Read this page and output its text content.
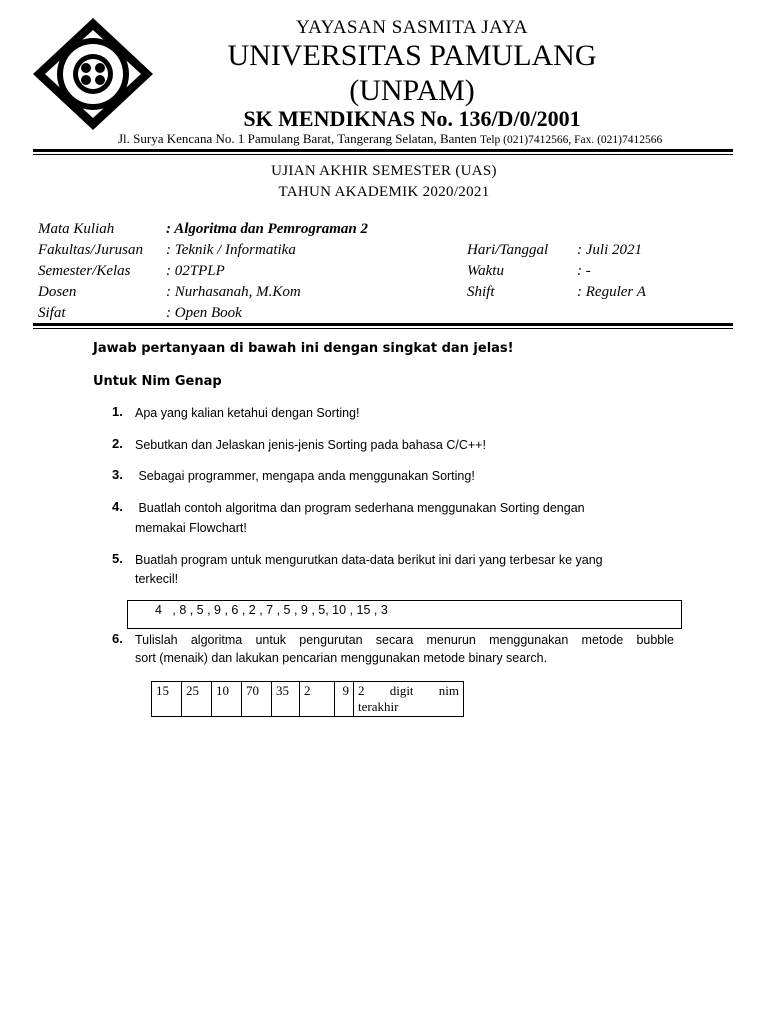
YAYASAN SASMITA JAYA
UNIVERSITAS PAMULANG
(UNPAM)
SK MENDIKNAS No. 136/D/0/2001
Jl. Surya Kencana No. 1 Pamulang Barat, Tangerang Selatan, Banten Telp (021)7412566, Fax. (021)7412566
UJIAN AKHIR SEMESTER (UAS)
TAHUN AKADEMIK 2020/2021
Mata Kuliah	: Algoritma dan Pemrograman 2
Fakultas/Jurusan : Teknik / Informatika
Semester/Kelas : 02TPLP
Dosen	: Nurhasanah, M.Kom
Sifat	: Open Book
Hari/Tanggal : Juli 2021
Waktu	: -
Shift	: Reguler A
Jawab pertanyaan di bawah ini dengan singkat dan jelas!
Untuk Nim Genap
1. Apa yang kalian ketahui dengan Sorting!
2. Sebutkan dan Jelaskan jenis-jenis Sorting pada bahasa C/C++!
3. Sebagai programmer, mengapa anda menggunakan Sorting!
4. Buatlah contoh algoritma dan program sederhana menggunakan Sorting dengan
memakai Flowchart!
5. Buatlah program untuk mengurutkan data-data berikut ini dari yang terbesar ke yang
terkecil!
4   , 8 , 5 , 9 , 6 , 2 , 7 , 5 , 9 , 5, 10 , 15 , 3
6. Tulislah algoritma untuk pengurutan secara menurun menggunakan metode bubble
sort (menaik) dan lakukan pencarian menggunakan metode binary search.
15	25	10	70	35	2	9	2 digit nim
terakhir
